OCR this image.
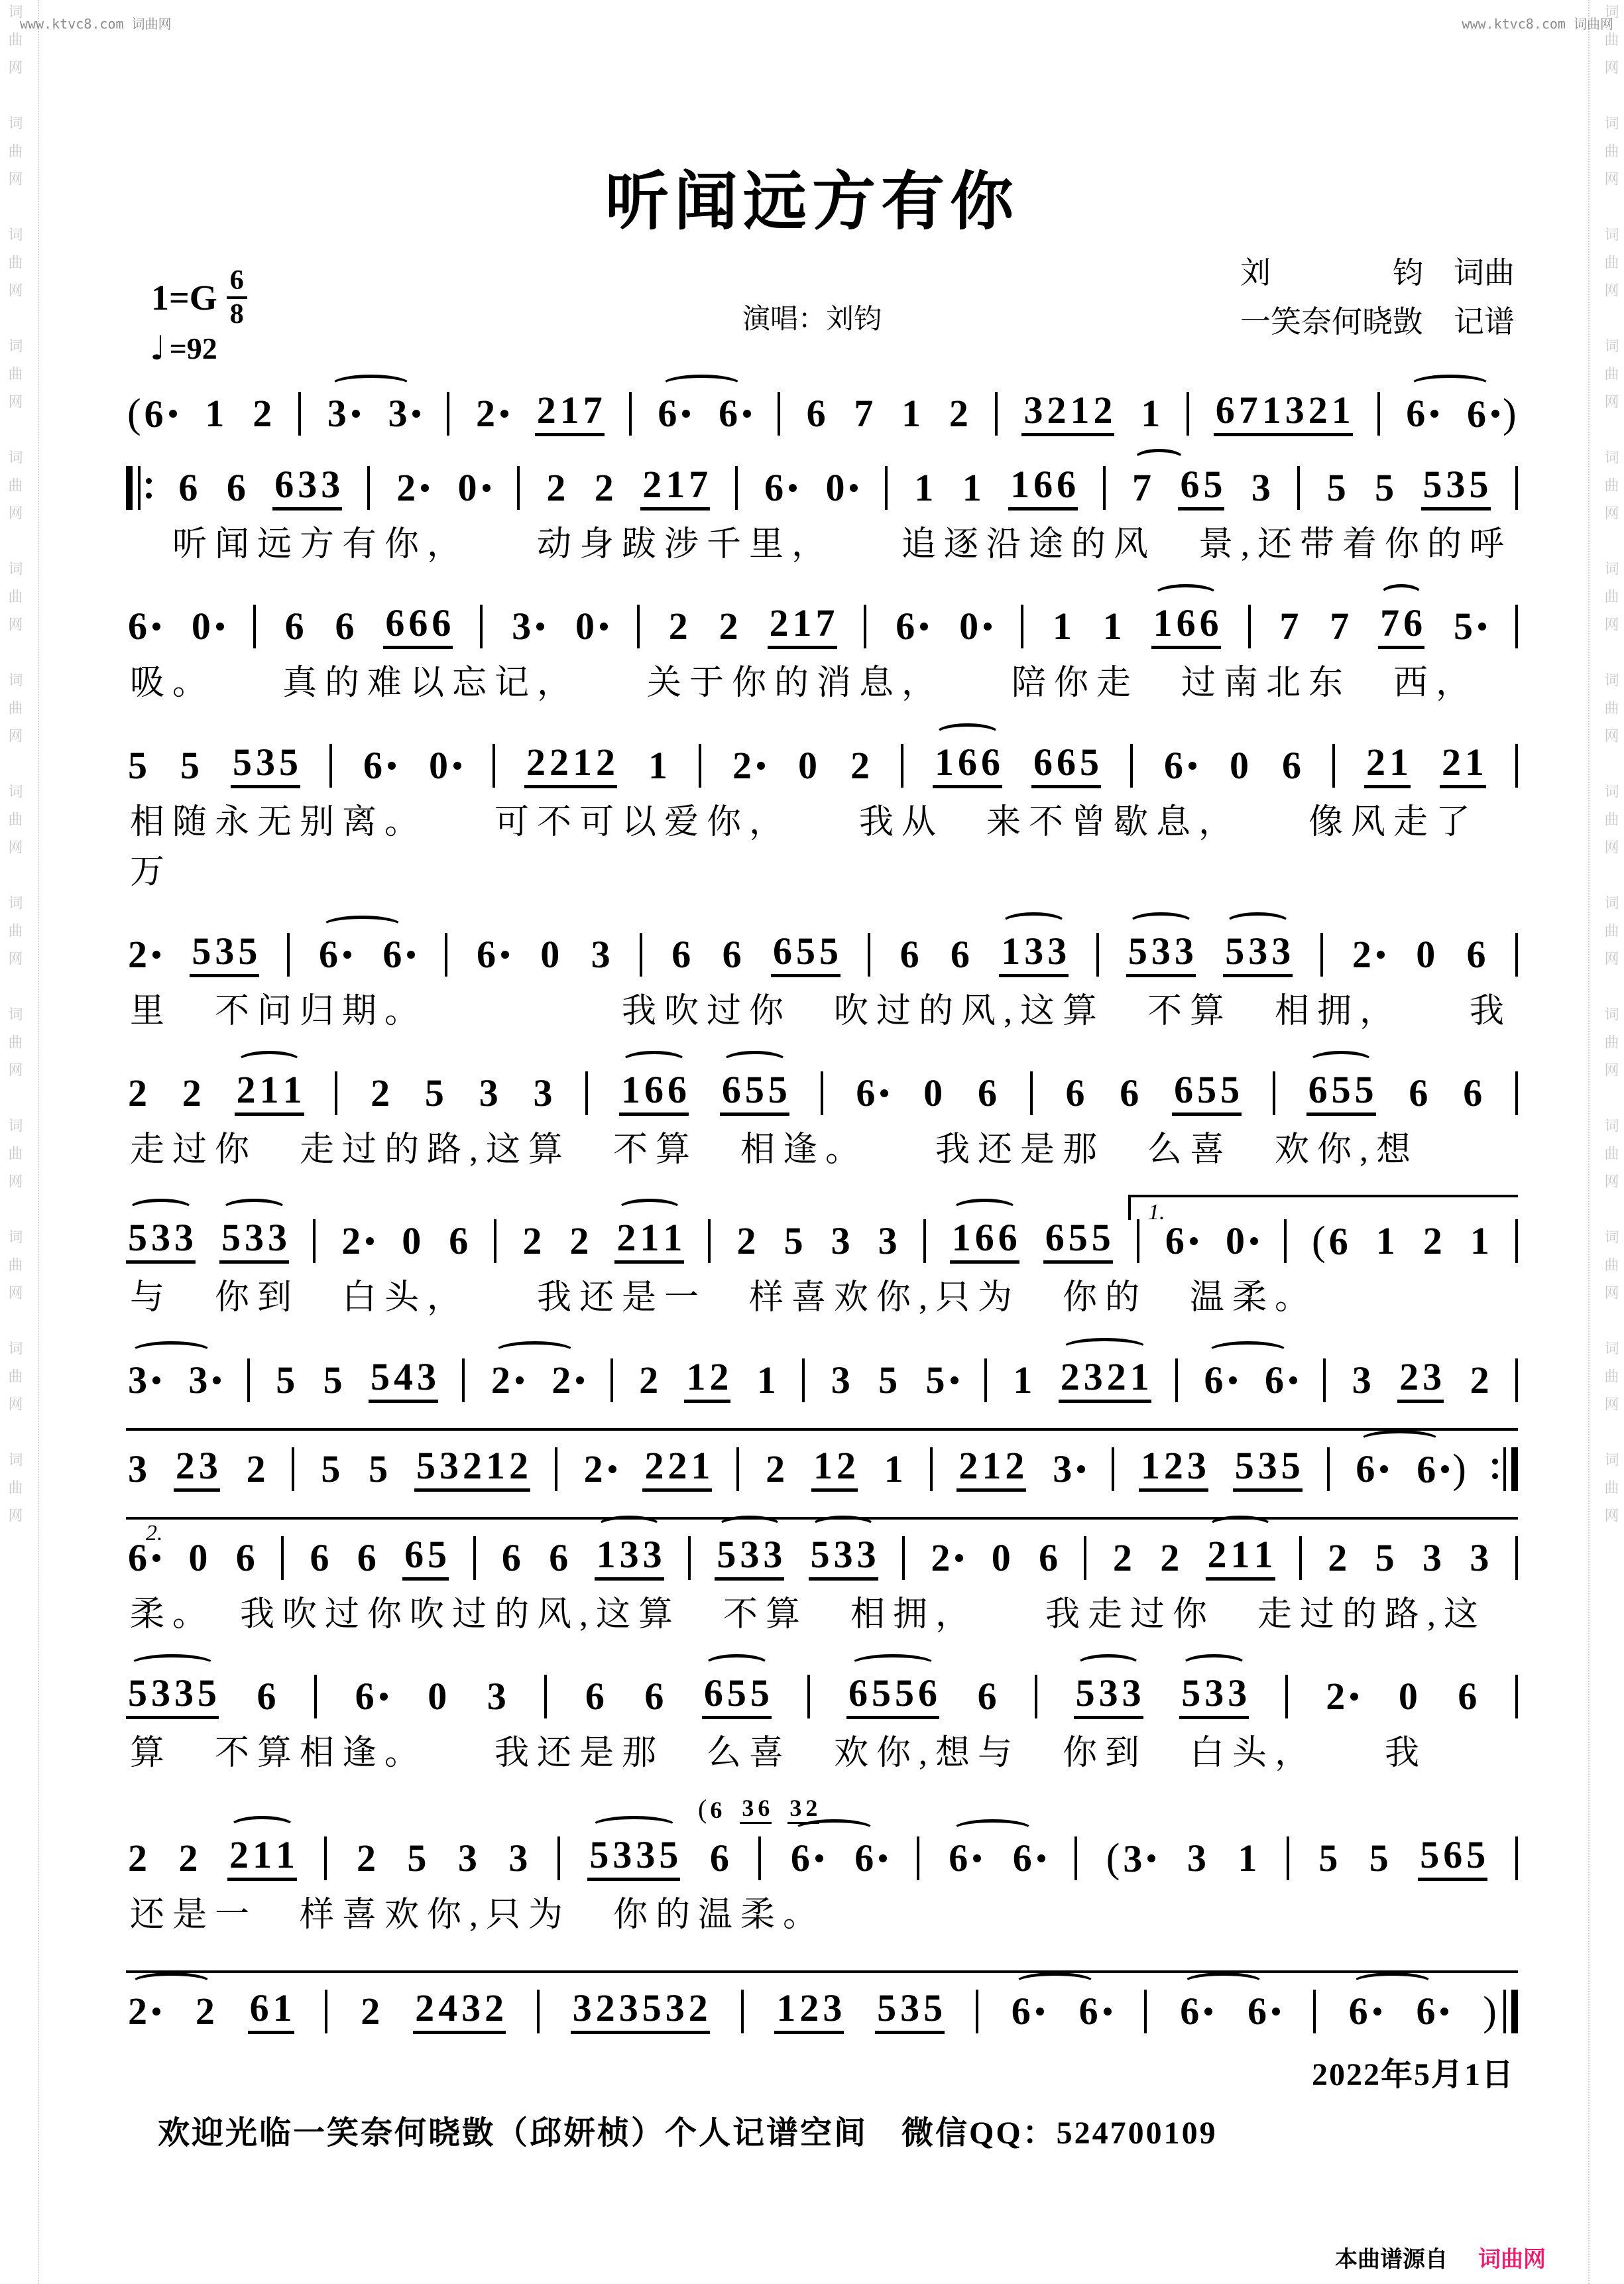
词曲网　词曲网　词曲网　词曲网　词曲网　词曲网　词曲网　词曲网　词曲网　词曲网　词曲网　词曲网　词曲网　词曲网　	词曲网　词曲网　词曲网　词曲网　词曲网　词曲网　词曲网　词曲网　词曲网　词曲网　词曲网　词曲网　词曲网　词曲网　
www.ktvc8.com 词曲网	www.ktvc8.com 词曲网
听闻远方有你
演唱：刘钧
刘　　　　钧　词曲
一笑奈何晓敳　记谱
$1=G \frac{6}{8}$
♩ =92
( 6 1 2 3 3 2 2 1 7 6 6 6 7 1 2 3 2 1 2 1 6 7 1 3 2 1 6 6 )
6 6 6 3 3 2 0 2 2 2 1 7 6 0 1 1 1 6 6 7 6 5 3 5 5 5 3 5
　听闻远方有你，　　动身跋涉千里，　　追逐沿途的风　景,还带着你的呼
6 0 6 6 6 6 6 3 0 2 2 2 1 7 6 0 1 1 1 6 6 7 7 7 6 5
吸。　　真的难以忘记，　　关于你的消息，　　陪你走　过南北东　西，
5 5 5 3 5 6 0 2 2 1 2 1 2 0 2 1 6 6 6 6 5 6 0 6 2 1 2 1
相随永无别离。　　可不可以爱你，　　我从　来不曾歇息，　　像风走了万
2 5 3 5 6 6 6 0 3 6 6 6 5 5 6 6 1 3 3 5 3 3 5 3 3 2 0 6
里　不问归期。　　　　　我吹过你　吹过的风,这算　不算　相拥，　　我
2 2 2 1 1 2 5 3 3 1 6 6 6 5 5 6 0 6 6 6 6 5 5 6 5 5 6 6
走过你　走过的路,这算　不算　相逢。　　我还是那　么喜　欢你,想
1.
5 3 3 5 3 3 2 0 6 2 2 2 1 1 2 5 3 3 1 6 6 6 5 5 6 0 ( 6 1 2 1
与　你到　白头，　　我还是一　样喜欢你,只为　你的　温柔。
3 3 5 5 5 4 3 2 2 2 1 2 1 3 5 5 1 2 3 2 1 6 6 3 2 3 2
3 2 3 2 5 5 5 3 2 1 2 2 2 2 1 2 1 2 1 2 1 2 3 1 2 3 5 3 5 6 6 )
2.
6 0 6 6 6 6 5 6 6 1 3 3 5 3 3 5 3 3 2 0 6 2 2 2 1 1 2 5 3 3
柔。　我吹过你吹过的风,这算　不算　相拥，　　我走过你　走过的路,这
5 3 3 5 6 6 0 3 6 6 6 5 5 6 5 5 6 6 5 3 3 5 3 3 2 0 6
算　不算相逢。　　我还是那　么喜　欢你,想与　你到　白头，　　我
( 6 3 6 3 2
2 2 2 1 1 2 5 3 3 5 3 3 5 6 6 6 6 6 ( 3 3 1 5 5 5 6 5
还是一　样喜欢你,只为　你的温柔。
2 2 6 1 2 2 4 3 2 3 2 3 5 3 2 1 2 3 5 3 5 6 6 6 6 6 6 )
2022年5月1日
欢迎光临一笑奈何晓敳（邱妍桢）个人记谱空间　微信QQ：524700109
本曲谱源自 词曲网
